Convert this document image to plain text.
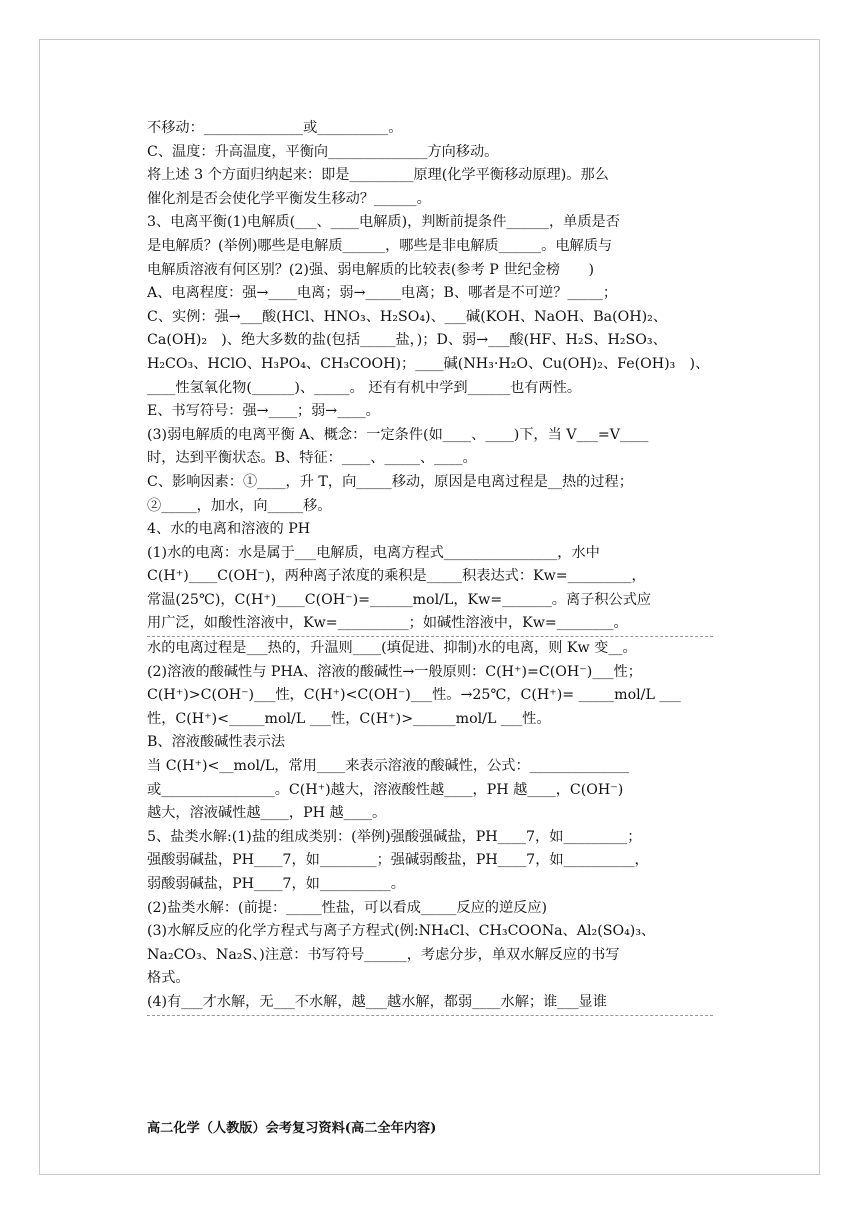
不移动：______________或__________。
C、温度：升高温度，平衡向______________方向移动。
将上述 3 个方面归纳起来：即是_________原理(化学平衡移动原理)。那么
催化剂是否会使化学平衡发生移动？______。
3、电离平衡(1)电解质(___、____电解质)，判断前提条件______，单质是否
是电解质？(举例)哪些是电解质______，哪些是非电解质______。电解质与
电解质溶液有何区别？(2)强、弱电解质的比较表(参考 P 世纪金榜　　)
A、电离程度：强→____电离；弱→_____电离；B、哪者是不可逆？_____；
C、实例：强→___酸(HCl、HNO₃、H₂SO₄)、___碱(KOH、NaOH、Ba(OH)₂、
Ca(OH)₂　)、绝大多数的盐(包括_____盐，)；D、弱→___酸(HF、H₂S、H₂SO₃、
H₂CO₃、HClO、H₃PO₄、CH₃COOH)；____碱(NH₃·H₂O、Cu(OH)₂、Fe(OH)₃　)、
____性氢氧化物(______)、_____。 还有有机中学到______也有两性。
E、书写符号：强→____；弱→____。
(3)弱电解质的电离平衡 A、概念：一定条件(如____、____)下，当 V___=V____
时，达到平衡状态。B、特征：____、_____、____。
C、影响因素：①____，升 T，向_____移动，原因是电离过程是__热的过程；
②_____，加水，向_____移。
4、水的电离和溶液的 PH
(1)水的电离：水是属于___电解质，电离方程式________________，水中
C(H⁺)____C(OH⁻)，两种离子浓度的乘积是_____积表达式：Kw=_________，
常温(25℃)，C(H⁺)____C(OH⁻)=______mol/L，Kw=_______。离子积公式应
用广泛，如酸性溶液中，Kw=__________；如碱性溶液中，Kw=________。
水的电离过程是___热的，升温则____(填促进、抑制)水的电离，则 Kw 变__。
(2)溶液的酸碱性与 PHA、溶液的酸碱性→一般原则：C(H⁺)=C(OH⁻)___性；
C(H⁺)>C(OH⁻)___性，C(H⁺)<C(OH⁻)___性。→25℃，C(H⁺)= _____mol/L ___
性，C(H⁺)<_____mol/L ___性，C(H⁺)>______mol/L ___性。
B、溶液酸碱性表示法
当 C(H⁺)<__mol/L，常用____来表示溶液的酸碱性，公式：______________
或________________。C(H⁺)越大，溶液酸性越____，PH 越____，C(OH⁻)
越大，溶液碱性越____，PH 越____。
5、盐类水解:(1)盐的组成类别：(举例)强酸强碱盐，PH____7，如_________；
强酸弱碱盐，PH____7，如________；强碱弱酸盐，PH____7，如__________，
弱酸弱碱盐，PH____7，如__________。
(2)盐类水解：(前提：_____性盐，可以看成_____反应的逆反应)
(3)水解反应的化学方程式与离子方程式(例:NH₄Cl、CH₃COONa、Al₂(SO₄)₃、
Na₂CO₃、Na₂S、)注意：书写符号______，考虑分步，单双水解反应的书写
格式。
(4)有___才水解，无___不水解，越___越水解，都弱____水解；谁___显谁
高二化学（人教版）会考复习资料(高二全年内容)
